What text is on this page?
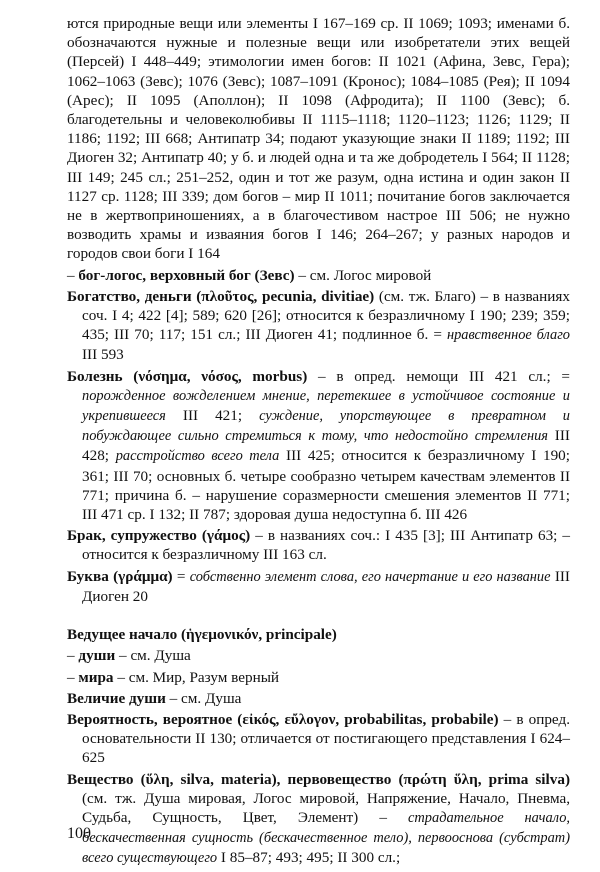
ются природные вещи или элементы I 167–169 ср. II 1069; 1093; именами б. обозначаются нужные и полезные вещи или изобретатели этих вещей (Персей) I 448–449; этимологии имен богов: II 1021 (Афина, Зевс, Гера); 1062–1063 (Зевс); 1076 (Зевс); 1087–1091 (Кронос); 1084–1085 (Рея); II 1094 (Арес); II 1095 (Аполлон); II 1098 (Афродита); II 1100 (Зевс); б. благодетельны и человеколюбивы II 1115–1118; 1120–1123; 1126; 1129; II 1186; 1192; III 668; Антипатр 34; подают указующие знаки II 1189; 1192; III Диоген 32; Антипатр 40; у б. и людей одна и та же добродетель I 564; II 1128; III 149; 245 сл.; 251–252, один и тот же разум, одна истина и один закон II 1127 ср. 1128; III 339; дом богов – мир II 1011; почитание богов заключается не в жертвоприношениях, а в благочестивом настрое III 506; не нужно возводить храмы и изваяния богов I 146; 264–267; у разных народов и городов свои боги I 164

– бог-логос, верховный бог (Зевс) – см. Логос мировой

Богатство, деньги (πλοῦτος, pecunia, divitiae) (см. тж. Благо) – в названиях соч. I 4; 422 [4]; 589; 620 [26]; относится к безразличному I 190; 239; 359; 435; III 70; 117; 151 сл.; III Диоген 41; подлинное б. = нравственное благо III 593

Болезнь (νόσημα, νόσος, morbus) – в опред. немощи III 421 сл.; = порожденное вожделением мнение, перетекшее в устойчивое состояние и укрепившееся III 421; суждение, упорствующее в превратном и побуждающее сильно стремиться к тому, что недостойно стремления III 428; расстройство всего тела III 425; относится к безразличному I 190; 361; III 70; основных б. четыре сообразно четырем качествам элементов II 771; причина б. – нарушение соразмерности смешения элементов II 771; III 471 ср. I 132; II 787; здоровая душа недоступна б. III 426

Брак, супружество (γάμος) – в названиях соч.: I 435 [3]; III Антипатр 63; – относится к безразличному III 163 сл.

Буква (γράμμα) = собственно элемент слова, его начертание и его название III Диоген 20

Ведущее начало (ἡγεμονικόν, principale)

– души – см. Душа

– мира – см. Мир, Разум верный

Величие души – см. Душа

Вероятность, вероятное (εἰκός, εὔλογον, probabilitas, probabile) – в опред. основательности II 130; отличается от постигающего представления I 624–625

Вещество (ὕλη, silva, materia), первовещество (πρώτη ὕλη, prima silva) (см. тж. Душа мировая, Логос мировой, Напряжение, Начало, Пневма, Судьба, Сущность, Цвет, Элемент) – страдательное начало, бескачественная сущность (бескачественное тело), первооснова (субстрат) всего существующего I 85–87; 493; 495; II 300 сл.;

100
